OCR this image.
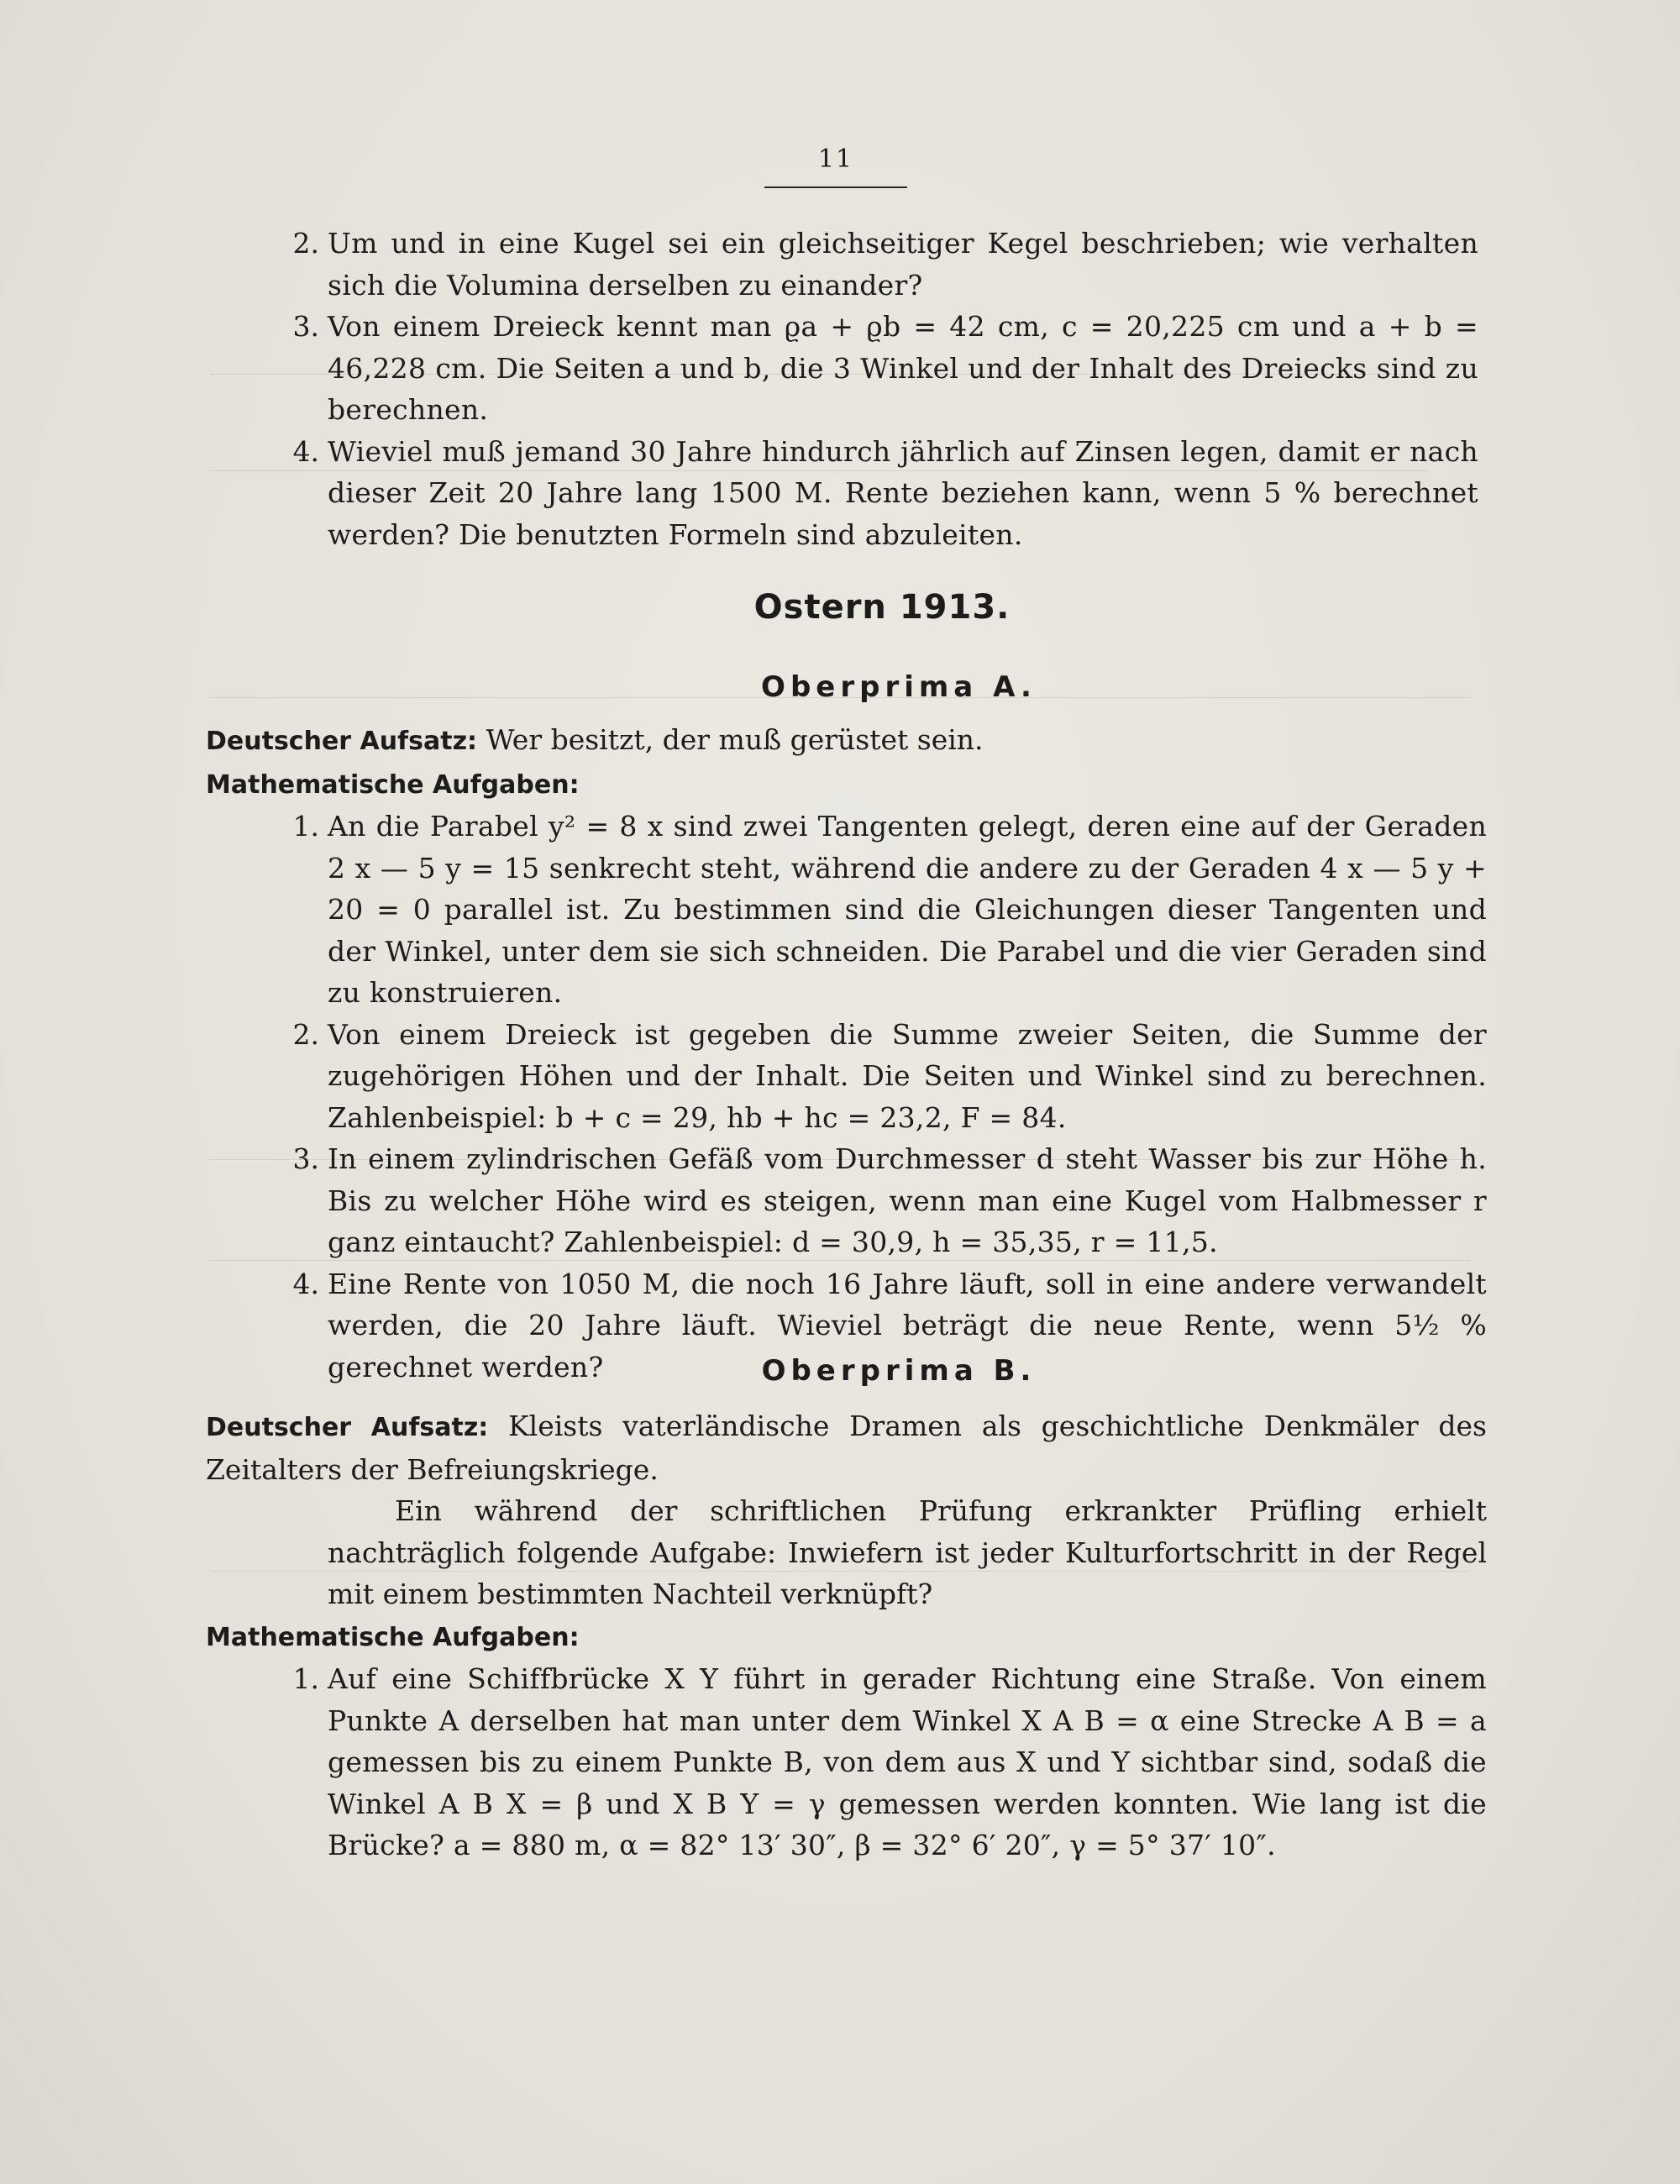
11
2. Um und in eine Kugel sei ein gleichseitiger Kegel beschrieben; wie verhalten sich die Volumina derselben zu einander?
3. Von einem Dreieck kennt man ϱa + ϱb = 42 cm, c = 20,225 cm und a + b = 46,228 cm. Die Seiten a und b, die 3 Winkel und der Inhalt des Dreiecks sind zu berechnen.
4. Wieviel muß jemand 30 Jahre hindurch jährlich auf Zinsen legen, damit er nach dieser Zeit 20 Jahre lang 1500 M. Rente beziehen kann, wenn 5 % berechnet werden? Die benutzten Formeln sind abzuleiten.
Ostern 1913.
Oberprima A.

Deutscher Aufsatz: Wer besitzt, der muß gerüstet sein.

Mathematische Aufgaben:

1. An die Parabel y² = 8 x sind zwei Tangenten gelegt, deren eine auf der Geraden 2 x — 5 y = 15 senkrecht steht, während die andere zu der Geraden 4 x — 5 y + 20 = 0 parallel ist. Zu bestimmen sind die Gleichungen dieser Tangenten und der Winkel, unter dem sie sich schneiden. Die Parabel und die vier Geraden sind zu konstruieren.
2. Von einem Dreieck ist gegeben die Summe zweier Seiten, die Summe der zugehörigen Höhen und der Inhalt. Die Seiten und Winkel sind zu berechnen. Zahlenbeispiel: b + c = 29, hb + hc = 23,2, F = 84.
3. In einem zylindrischen Gefäß vom Durchmesser d steht Wasser bis zur Höhe h. Bis zu welcher Höhe wird es steigen, wenn man eine Kugel vom Halbmesser r ganz eintaucht? Zahlenbeispiel: d = 30,9, h = 35,35, r = 11,5.
4. Eine Rente von 1050 M, die noch 16 Jahre läuft, soll in eine andere verwandelt werden, die 20 Jahre läuft. Wieviel beträgt die neue Rente, wenn 5½ % gerechnet werden?	Oberprima B.

Deutscher Aufsatz: Kleists vaterländische Dramen als geschichtliche Denkmäler des Zeitalters der Befreiungskriege.

Ein während der schriftlichen Prüfung erkrankter Prüfling erhielt nachträglich folgende Aufgabe: Inwiefern ist jeder Kulturfortschritt in der Regel mit einem bestimmten Nachteil verknüpft?

Mathematische Aufgaben:

1. Auf eine Schiffbrücke X Y führt in gerader Richtung eine Straße. Von einem Punkte A derselben hat man unter dem Winkel X A B = α eine Strecke A B = a gemessen bis zu einem Punkte B, von dem aus X und Y sichtbar sind, sodaß die Winkel A B X = β und X B Y = γ gemessen werden konnten. Wie lang ist die Brücke? a = 880 m, α = 82° 13′ 30″, β = 32° 6′ 20″, γ = 5° 37′ 10″.
